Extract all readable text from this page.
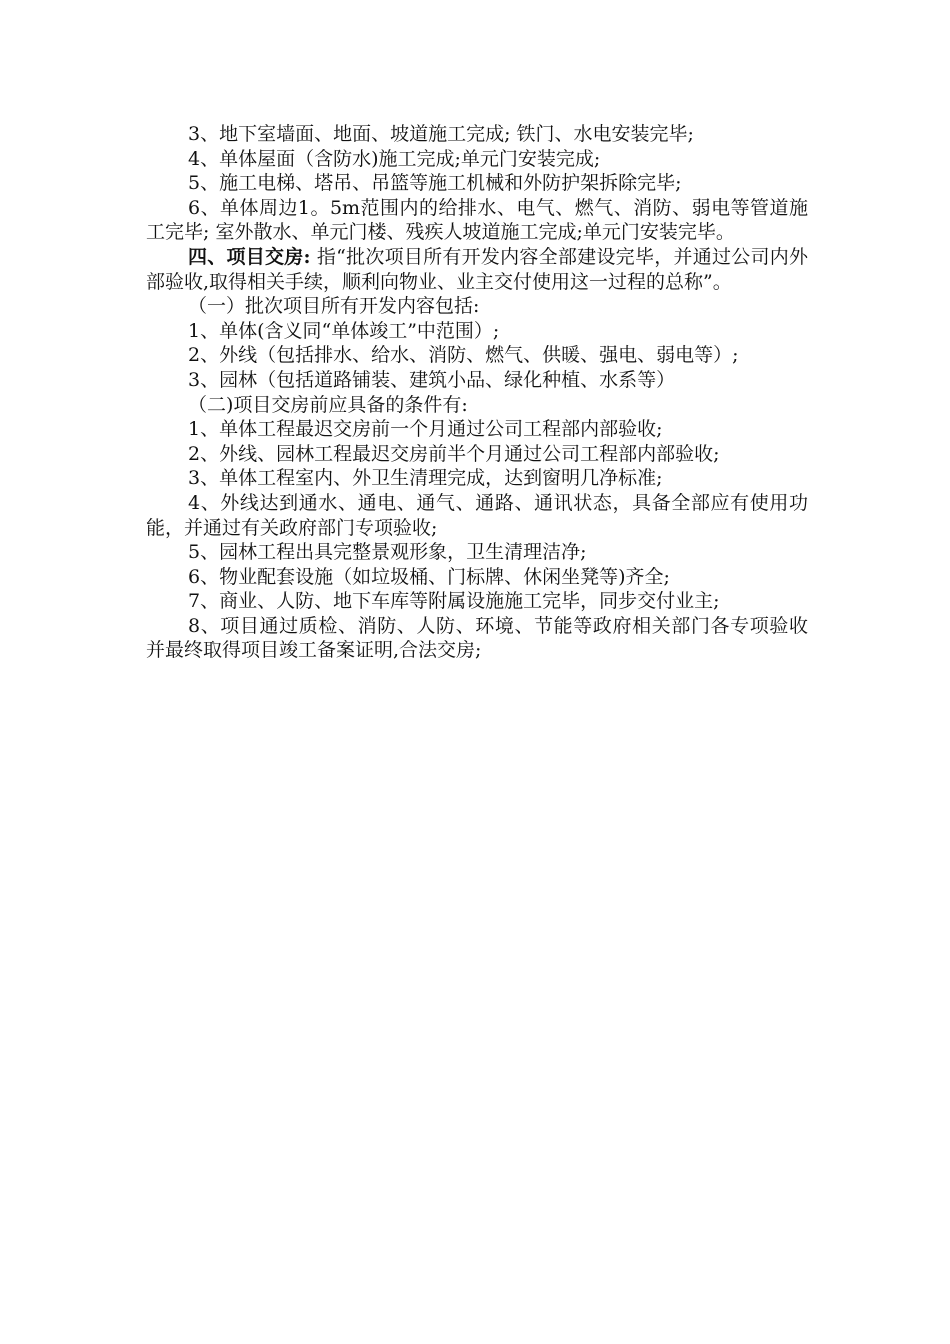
3、地下室墙面、地面、坡道施工完成; 铁门、水电安装完毕;

4、单体屋面（含防水)施工完成;单元门安装完成;

5、施工电梯、塔吊、吊篮等施工机械和外防护架拆除完毕;

6、单体周边1。5m范围内的给排水、电气、燃气、消防、弱电等管道施工完毕; 室外散水、单元门楼、残疾人坡道施工完成;单元门安装完毕。

四、项目交房: 指“批次项目所有开发内容全部建设完毕，并通过公司内外部验收,取得相关手续，顺利向物业、业主交付使用这一过程的总称”。

（一）批次项目所有开发内容包括:

1、单体(含义同“单体竣工”中范围）;

2、外线（包括排水、给水、消防、燃气、供暖、强电、弱电等）;

3、园林（包括道路铺装、建筑小品、绿化种植、水系等）

（二)项目交房前应具备的条件有:

1、单体工程最迟交房前一个月通过公司工程部内部验收;

2、外线、园林工程最迟交房前半个月通过公司工程部内部验收;

3、单体工程室内、外卫生清理完成，达到窗明几净标准;

4、外线达到通水、通电、通气、通路、通讯状态，具备全部应有使用功能，并通过有关政府部门专项验收;

5、园林工程出具完整景观形象，卫生清理洁净;

6、物业配套设施（如垃圾桶、门标牌、休闲坐凳等)齐全;

7、商业、人防、地下车库等附属设施施工完毕，同步交付业主;

8、项目通过质检、消防、人防、环境、节能等政府相关部门各专项验收并最终取得项目竣工备案证明,合法交房;
